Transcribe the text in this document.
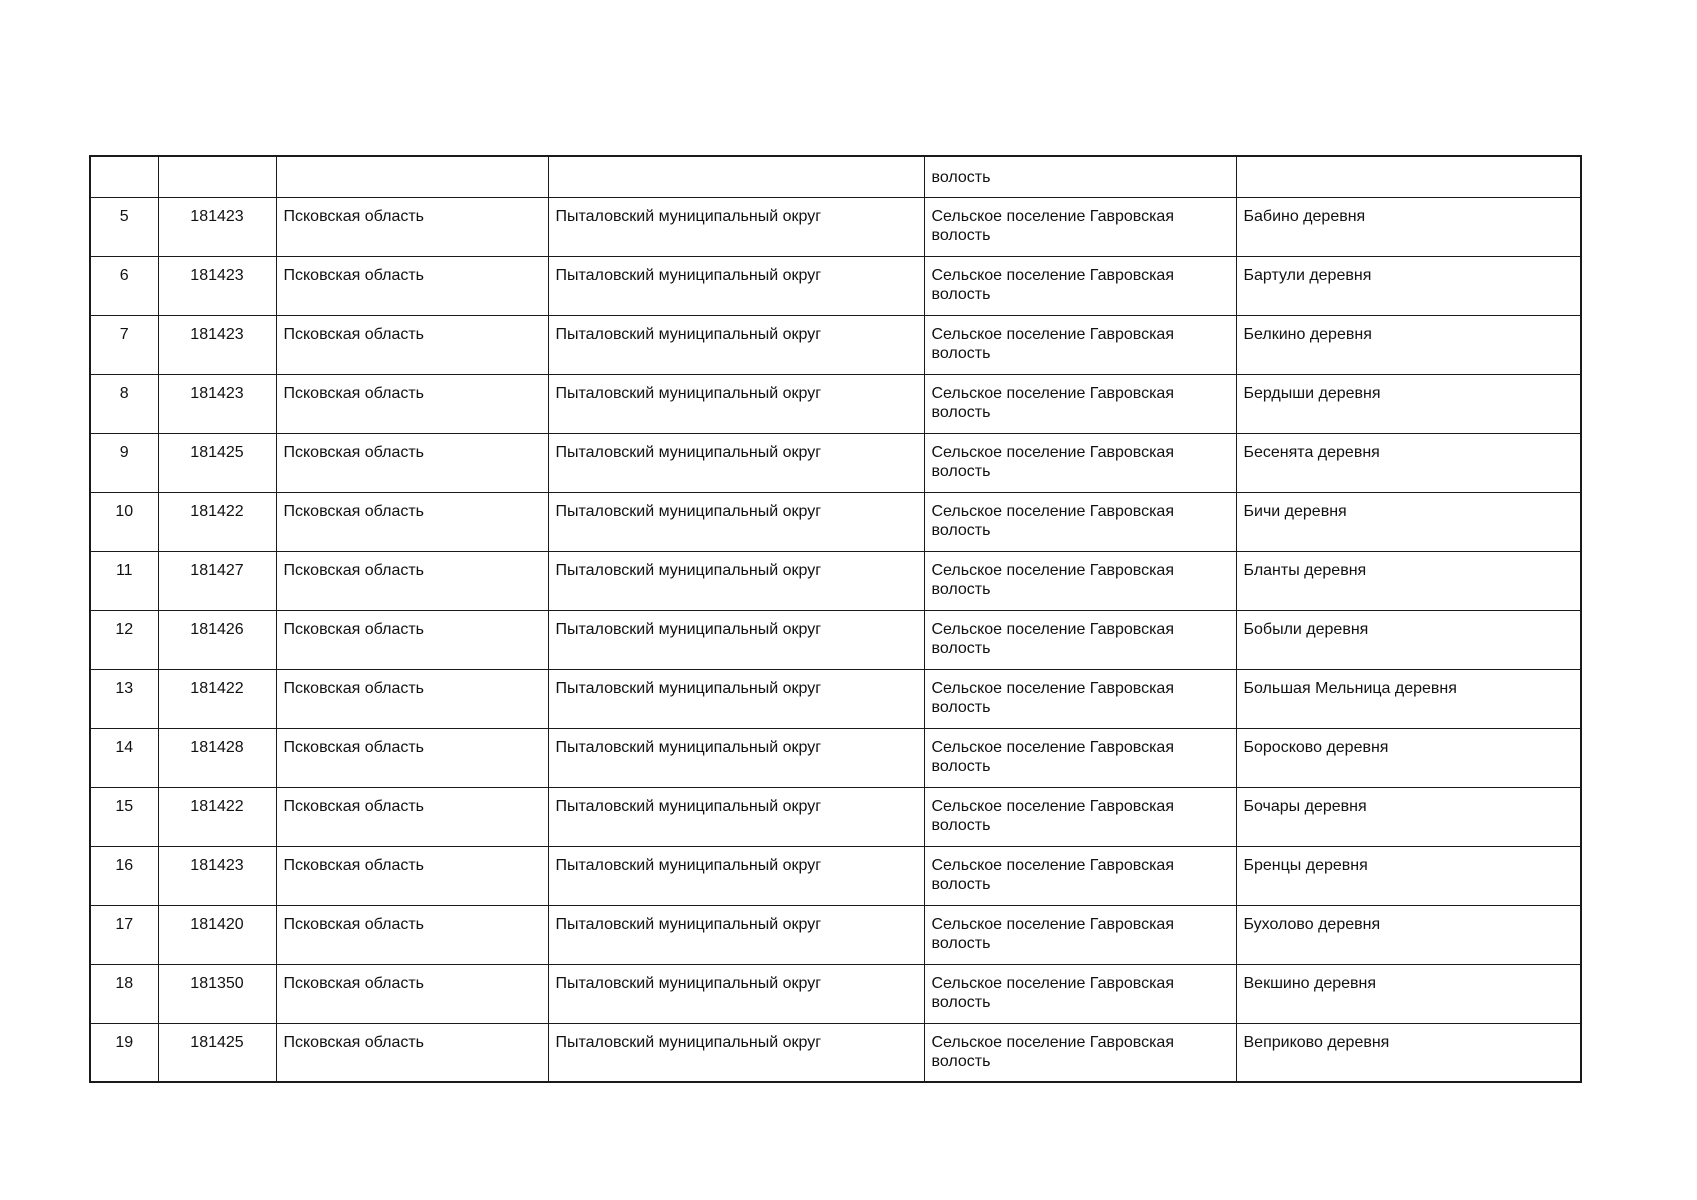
				волость	
5	181423	Псковская область	Пыталовский муниципальный округ	Сельское поселение Гавровская волость	Бабино деревня
6	181423	Псковская область	Пыталовский муниципальный округ	Сельское поселение Гавровская волость	Бартули деревня
7	181423	Псковская область	Пыталовский муниципальный округ	Сельское поселение Гавровская волость	Белкино деревня
8	181423	Псковская область	Пыталовский муниципальный округ	Сельское поселение Гавровская волость	Бердыши деревня
9	181425	Псковская область	Пыталовский муниципальный округ	Сельское поселение Гавровская волость	Бесенята деревня
10	181422	Псковская область	Пыталовский муниципальный округ	Сельское поселение Гавровская волость	Бичи деревня
11	181427	Псковская область	Пыталовский муниципальный округ	Сельское поселение Гавровская волость	Бланты деревня
12	181426	Псковская область	Пыталовский муниципальный округ	Сельское поселение Гавровская волость	Бобыли деревня
13	181422	Псковская область	Пыталовский муниципальный округ	Сельское поселение Гавровская волость	Большая Мельница деревня
14	181428	Псковская область	Пыталовский муниципальный округ	Сельское поселение Гавровская волость	Боросково деревня
15	181422	Псковская область	Пыталовский муниципальный округ	Сельское поселение Гавровская волость	Бочары деревня
16	181423	Псковская область	Пыталовский муниципальный округ	Сельское поселение Гавровская волость	Бренцы деревня
17	181420	Псковская область	Пыталовский муниципальный округ	Сельское поселение Гавровская волость	Бухолово деревня
18	181350	Псковская область	Пыталовский муниципальный округ	Сельское поселение Гавровская волость	Векшино деревня
19	181425	Псковская область	Пыталовский муниципальный округ	Сельское поселение Гавровская волость	Веприково деревня
